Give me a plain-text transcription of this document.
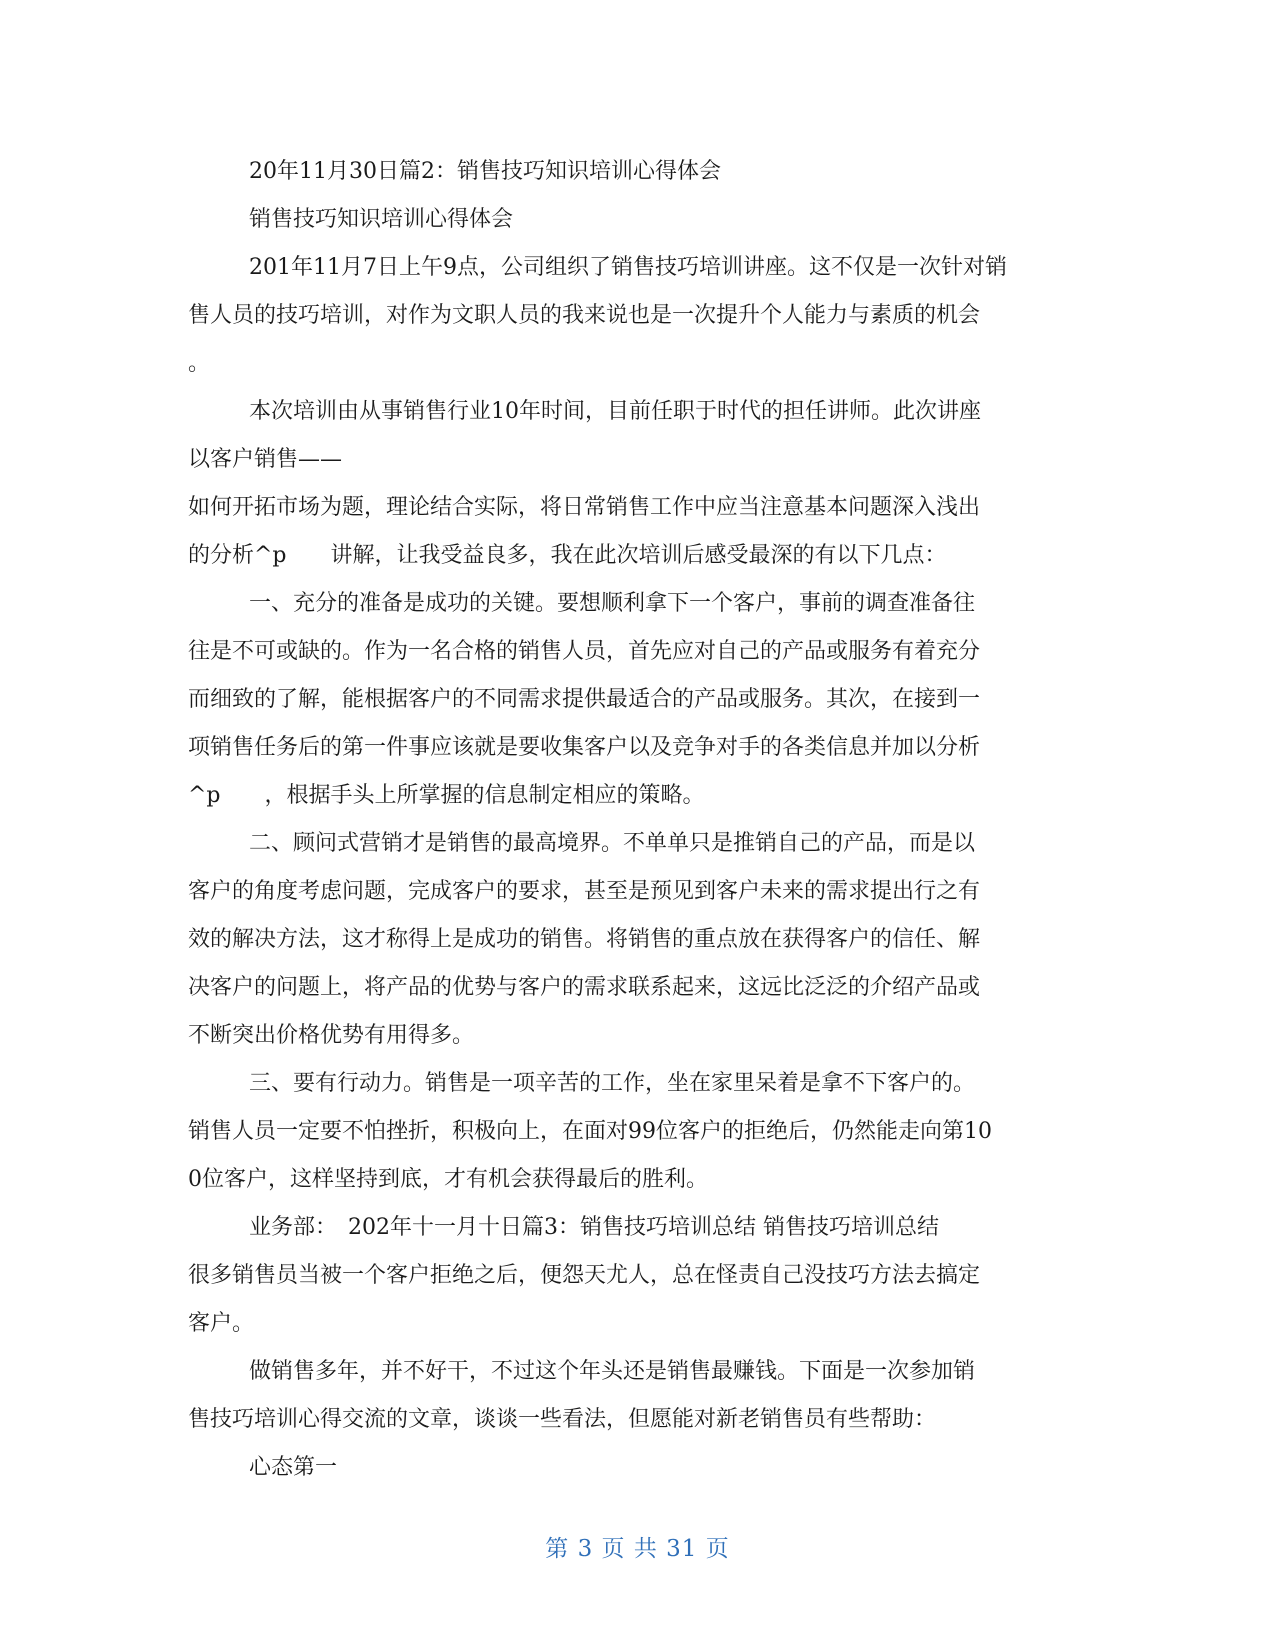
20年11月30日篇2：销售技巧知识培训心得体会
销售技巧知识培训心得体会
201年11月7日上午9点，公司组织了销售技巧培训讲座。这不仅是一次针对销
售人员的技巧培训，对作为文职人员的我来说也是一次提升个人能力与素质的机会
。
本次培训由从事销售行业10年时间，目前任职于时代的担任讲师。此次讲座
以客户销售——
如何开拓市场为题，理论结合实际，将日常销售工作中应当注意基本问题深入浅出
的分析^p　　讲解，让我受益良多，我在此次培训后感受最深的有以下几点：
一、充分的准备是成功的关键。要想顺利拿下一个客户，事前的调查准备往
往是不可或缺的。作为一名合格的销售人员，首先应对自己的产品或服务有着充分
而细致的了解，能根据客户的不同需求提供最适合的产品或服务。其次，在接到一
项销售任务后的第一件事应该就是要收集客户以及竞争对手的各类信息并加以分析
^p　　，根据手头上所掌握的信息制定相应的策略。
二、顾问式营销才是销售的最高境界。不单单只是推销自己的产品，而是以
客户的角度考虑问题，完成客户的要求，甚至是预见到客户未来的需求提出行之有
效的解决方法，这才称得上是成功的销售。将销售的重点放在获得客户的信任、解
决客户的问题上，将产品的优势与客户的需求联系起来，这远比泛泛的介绍产品或
不断突出价格优势有用得多。
三、要有行动力。销售是一项辛苦的工作，坐在家里呆着是拿不下客户的。
销售人员一定要不怕挫折，积极向上，在面对99位客户的拒绝后，仍然能走向第10
0位客户，这样坚持到底，才有机会获得最后的胜利。
业务部：　202年十一月十日篇3：销售技巧培训总结 销售技巧培训总结
很多销售员当被一个客户拒绝之后，便怨天尤人，总在怪责自己没技巧方法去搞定
客户。
做销售多年，并不好干，不过这个年头还是销售最赚钱。下面是一次参加销
售技巧培训心得交流的文章，谈谈一些看法，但愿能对新老销售员有些帮助：
心态第一
第 3 页 共 31 页
